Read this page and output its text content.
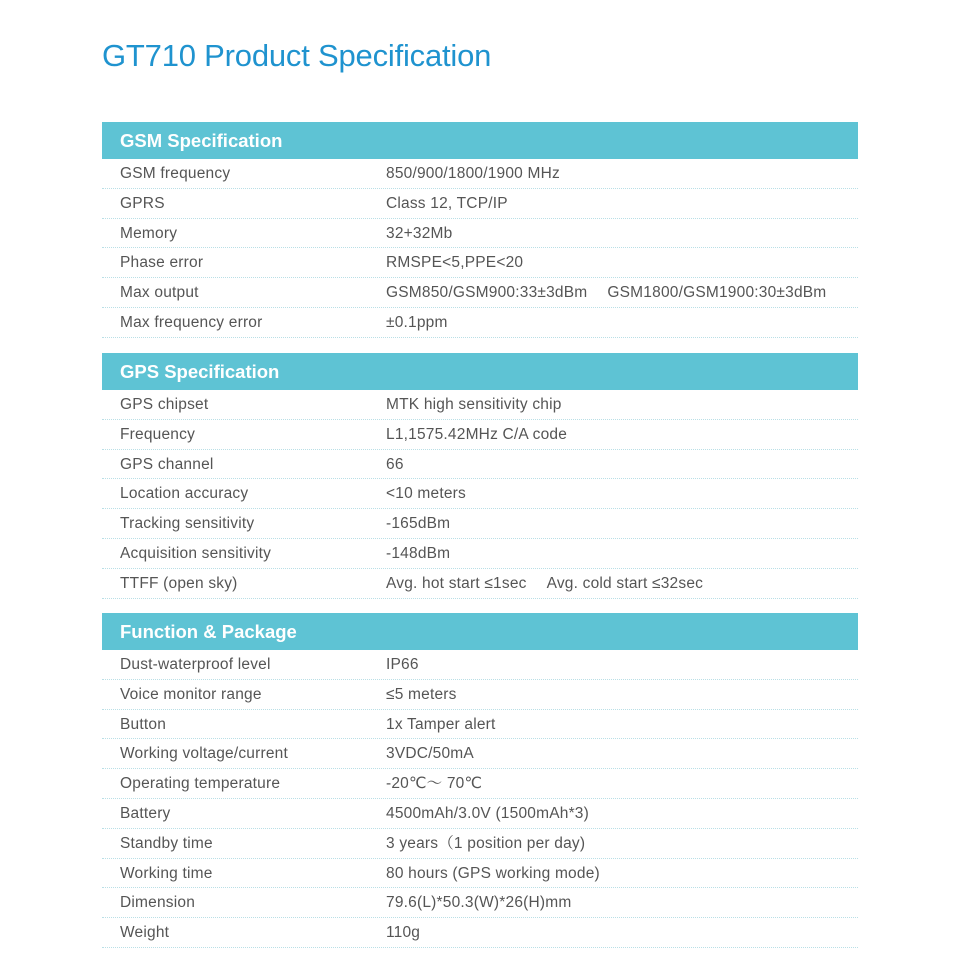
GT710 Product Specification
GSM Specification
GSM frequency	850/900/1800/1900 MHz
GPRS	Class 12, TCP/IP
Memory	32+32Mb
Phase error	RMSPE<5,PPE<20
Max output	GSM850/GSM900:33±3dBm GSM1800/GSM1900:30±3dBm
Max frequency error	±0.1ppm
GPS Specification
GPS chipset	MTK high sensitivity chip
Frequency	L1,1575.42MHz C/A code
GPS channel	66
Location accuracy	<10 meters
Tracking sensitivity	-165dBm
Acquisition sensitivity	-148dBm
TTFF (open sky)	Avg. hot start ≤1sec Avg. cold start ≤32sec
Function & Package
Dust-waterproof level	IP66
Voice monitor range	≤5 meters
Button	1x Tamper alert
Working voltage/current	3VDC/50mA
Operating temperature	-20℃～ 70℃
Battery	4500mAh/3.0V (1500mAh*3)
Standby time	3 years（1 position per day)
Working time	80 hours (GPS working mode)
Dimension	79.6(L)*50.3(W)*26(H)mm
Weight	110g
